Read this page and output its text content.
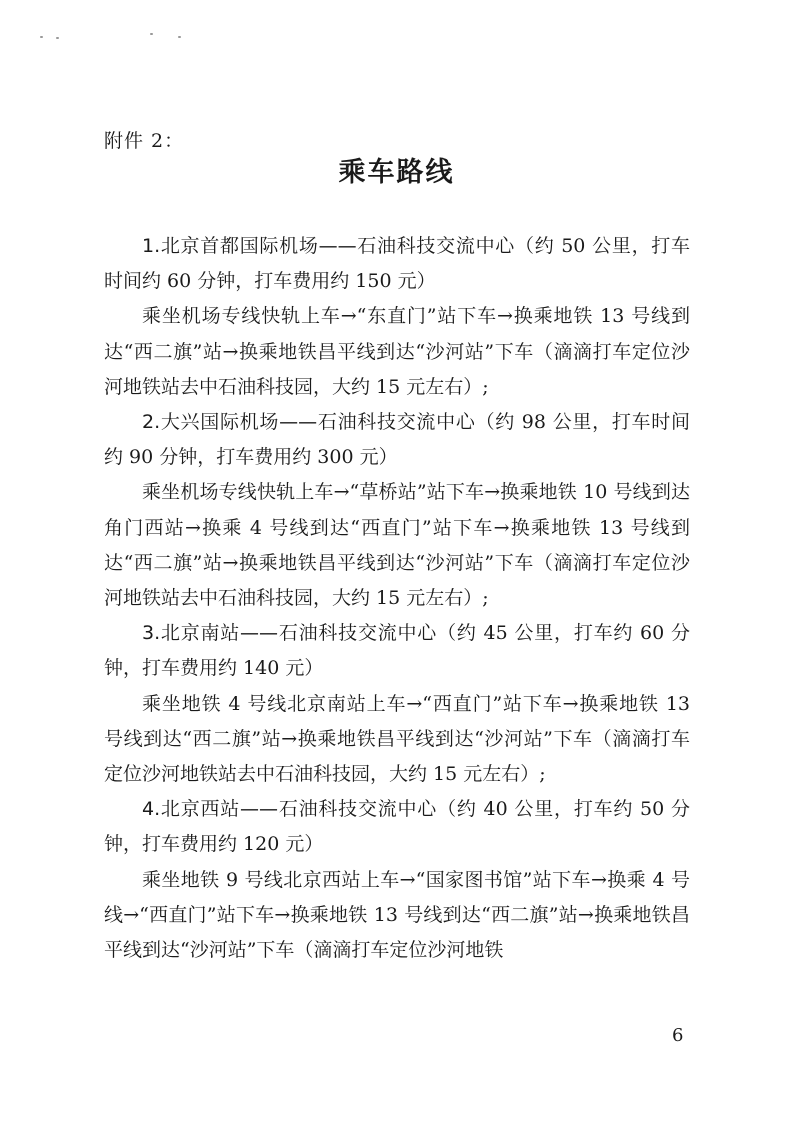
附件 2：
乘车路线

1.北京首都国际机场——石油科技交流中心（约 50 公里，打车时间约 60 分钟，打车费用约 150 元）

乘坐机场专线快轨上车→“东直门”站下车→换乘地铁 13 号线到达“西二旗”站→换乘地铁昌平线到达“沙河站”下车（滴滴打车定位沙河地铁站去中石油科技园，大约 15 元左右）;

2.大兴国际机场——石油科技交流中心（约 98 公里，打车时间约 90 分钟，打车费用约 300 元）

乘坐机场专线快轨上车→“草桥站”站下车→换乘地铁 10 号线到达角门西站→换乘 4 号线到达“西直门”站下车→换乘地铁 13 号线到达“西二旗”站→换乘地铁昌平线到达“沙河站”下车（滴滴打车定位沙河地铁站去中石油科技园，大约 15 元左右）;

3.北京南站——石油科技交流中心（约 45 公里，打车约 60 分钟，打车费用约 140 元）

乘坐地铁 4 号线北京南站上车→“西直门”站下车→换乘地铁 13 号线到达“西二旗”站→换乘地铁昌平线到达“沙河站”下车（滴滴打车定位沙河地铁站去中石油科技园，大约 15 元左右）;

4.北京西站——石油科技交流中心（约 40 公里，打车约 50 分钟，打车费用约 120 元）

乘坐地铁 9 号线北京西站上车→“国家图书馆”站下车→换乘 4 号线→“西直门”站下车→换乘地铁 13 号线到达“西二旗”站→换乘地铁昌平线到达“沙河站”下车（滴滴打车定位沙河地铁

6
